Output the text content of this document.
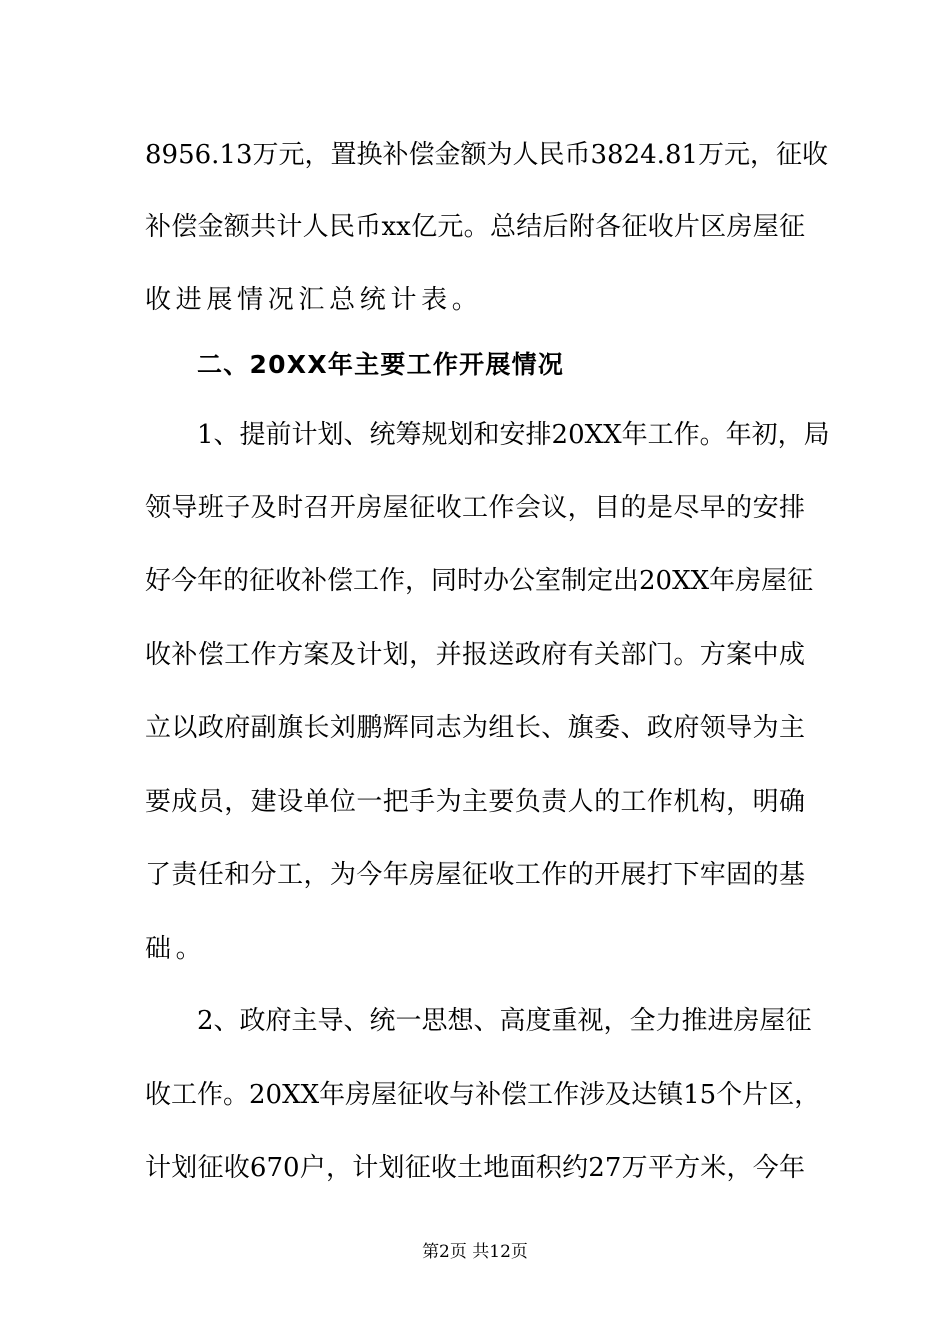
8956.13万元，置换补偿金额为人民币3824.81万元，征收
补偿金额共计人民币xx亿元。总结后附各征收片区房屋征
收进展情况汇总统计表。
二、20XX年主要工作开展情况
1、提前计划、统筹规划和安排20XX年工作。年初，局
领导班子及时召开房屋征收工作会议，目的是尽早的安排
好今年的征收补偿工作，同时办公室制定出20XX年房屋征
收补偿工作方案及计划，并报送政府有关部门。方案中成
立以政府副旗长刘鹏辉同志为组长、旗委、政府领导为主
要成员，建设单位一把手为主要负责人的工作机构，明确
了责任和分工，为今年房屋征收工作的开展打下牢固的基
础。
2、政府主导、统一思想、高度重视，全力推进房屋征
收工作。20XX年房屋征收与补偿工作涉及达镇15个片区，
计划征收670户，计划征收土地面积约27万平方米，今年
第2页 共12页
